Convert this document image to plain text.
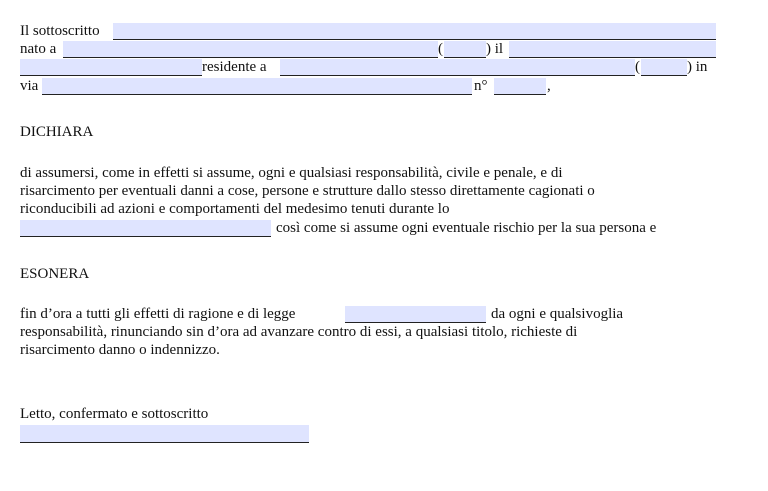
Il sottoscritto
nato a	(	) il
residente a	(	) in
via	n°	,
DICHIARA
di assumersi, come in effetti si assume, ogni e qualsiasi responsabilità, civile e penale, e di
risarcimento per eventuali danni a cose, persone e strutture dallo stesso direttamente cagionati o
riconducibili ad azioni e comportamenti del medesimo tenuti durante lo
così come si assume ogni eventuale rischio per la sua persona e
ESONERA
fin d’ora a tutti gli effetti di ragione e di legge	da ogni e qualsivoglia
responsabilità, rinunciando sin d’ora ad avanzare contro di essi, a qualsiasi titolo, richieste di
risarcimento danno o indennizzo.
Letto, confermato e sottoscritto
